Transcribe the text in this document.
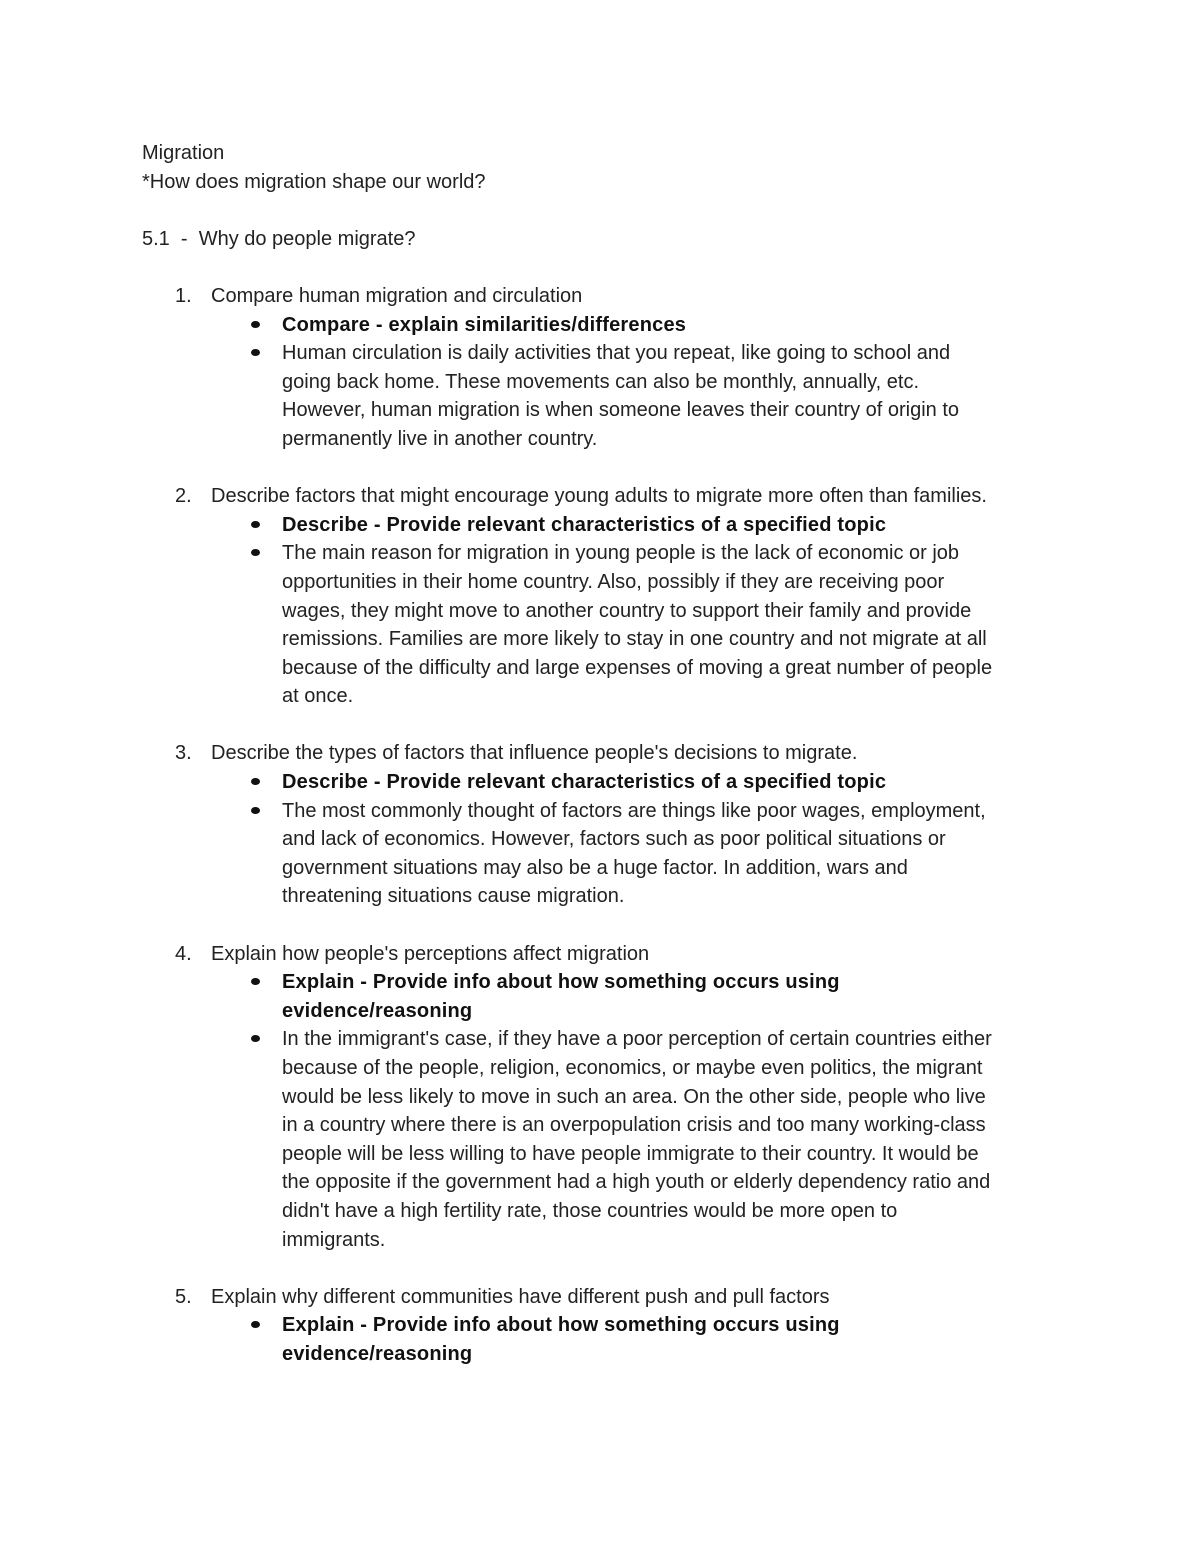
Migration

*How does migration shape our world?

5.1  -  Why do people migrate?

1. Compare human migration and circulation

Compare - explain similarities/differences
Human circulation is daily activities that you repeat, like going to school and
going back home. These movements can also be monthly, annually, etc.
However, human migration is when someone leaves their country of origin to
permanently live in another country.
2. Describe factors that might encourage young adults to migrate more often than families.

Describe - Provide relevant characteristics of a specified topic
The main reason for migration in young people is the lack of economic or job
opportunities in their home country. Also, possibly if they are receiving poor
wages, they might move to another country to support their family and provide
remissions. Families are more likely to stay in one country and not migrate at all
because of the difficulty and large expenses of moving a great number of people
at once.
3. Describe the types of factors that influence people's decisions to migrate.

Describe - Provide relevant characteristics of a specified topic
The most commonly thought of factors are things like poor wages, employment,
and lack of economics. However, factors such as poor political situations or
government situations may also be a huge factor. In addition, wars and
threatening situations cause migration.
4. Explain how people's perceptions affect migration

Explain - Provide info about how something occurs using
evidence/reasoning
In the immigrant's case, if they have a poor perception of certain countries either
because of the people, religion, economics, or maybe even politics, the migrant
would be less likely to move in such an area. On the other side, people who live
in a country where there is an overpopulation crisis and too many working-class
people will be less willing to have people immigrate to their country. It would be
the opposite if the government had a high youth or elderly dependency ratio and
didn't have a high fertility rate, those countries would be more open to
immigrants.
5. Explain why different communities have different push and pull factors

Explain - Provide info about how something occurs using
evidence/reasoning
